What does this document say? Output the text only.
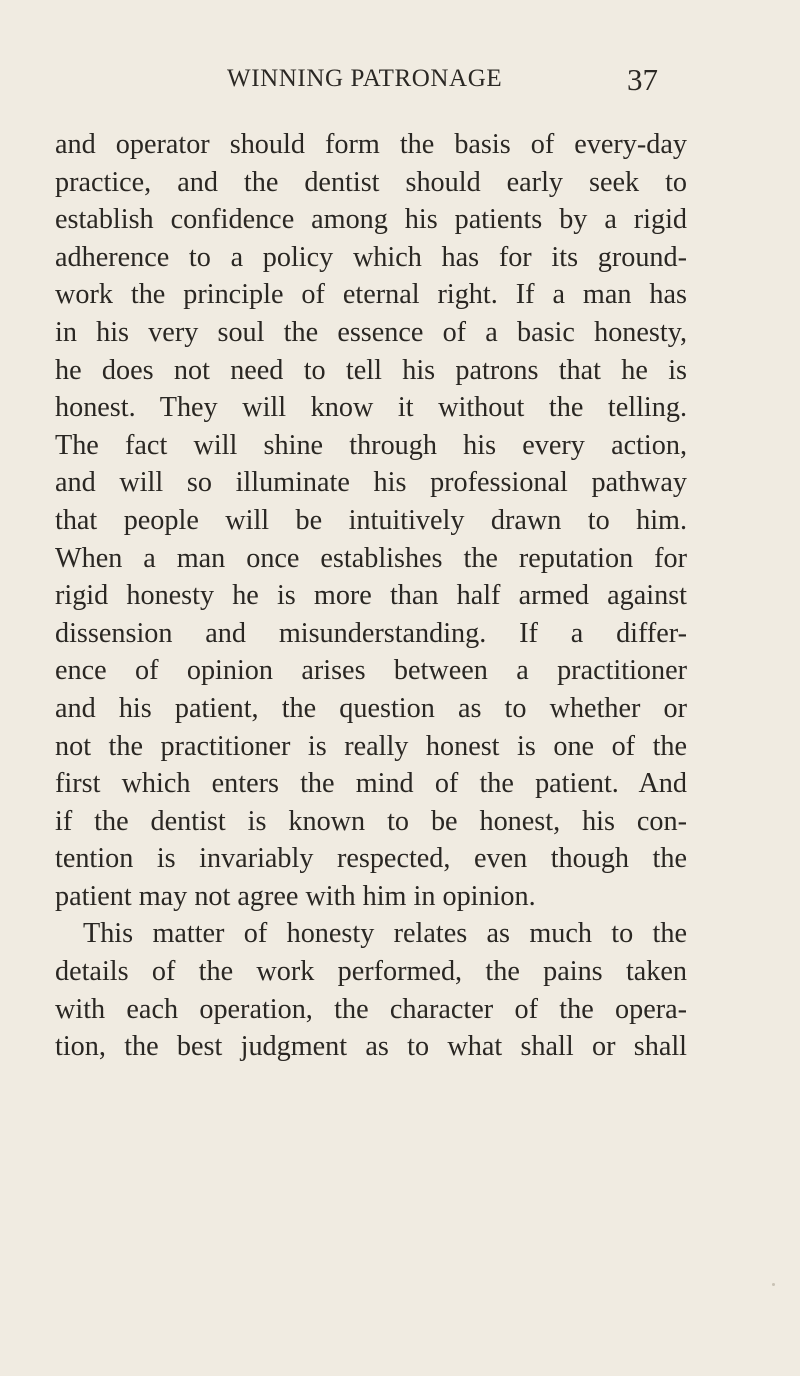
WINNING PATRONAGE	37
and operator should form the basis of every-day
practice, and the dentist should early seek to
establish confidence among his patients by a rigid
adherence to a policy which has for its ground-
work the principle of eternal right. If a man has
in his very soul the essence of a basic honesty,
he does not need to tell his patrons that he is
honest. They will know it without the telling.
The fact will shine through his every action,
and will so illuminate his professional pathway
that people will be intuitively drawn to him.
When a man once establishes the reputation for
rigid honesty he is more than half armed against
dissension and misunderstanding. If a differ-
ence of opinion arises between a practitioner
and his patient, the question as to whether or
not the practitioner is really honest is one of the
first which enters the mind of the patient. And
if the dentist is known to be honest, his con-
tention is invariably respected, even though the
patient may not agree with him in opinion.
This matter of honesty relates as much to the
details of the work performed, the pains taken
with each operation, the character of the opera-
tion, the best judgment as to what shall or shall
